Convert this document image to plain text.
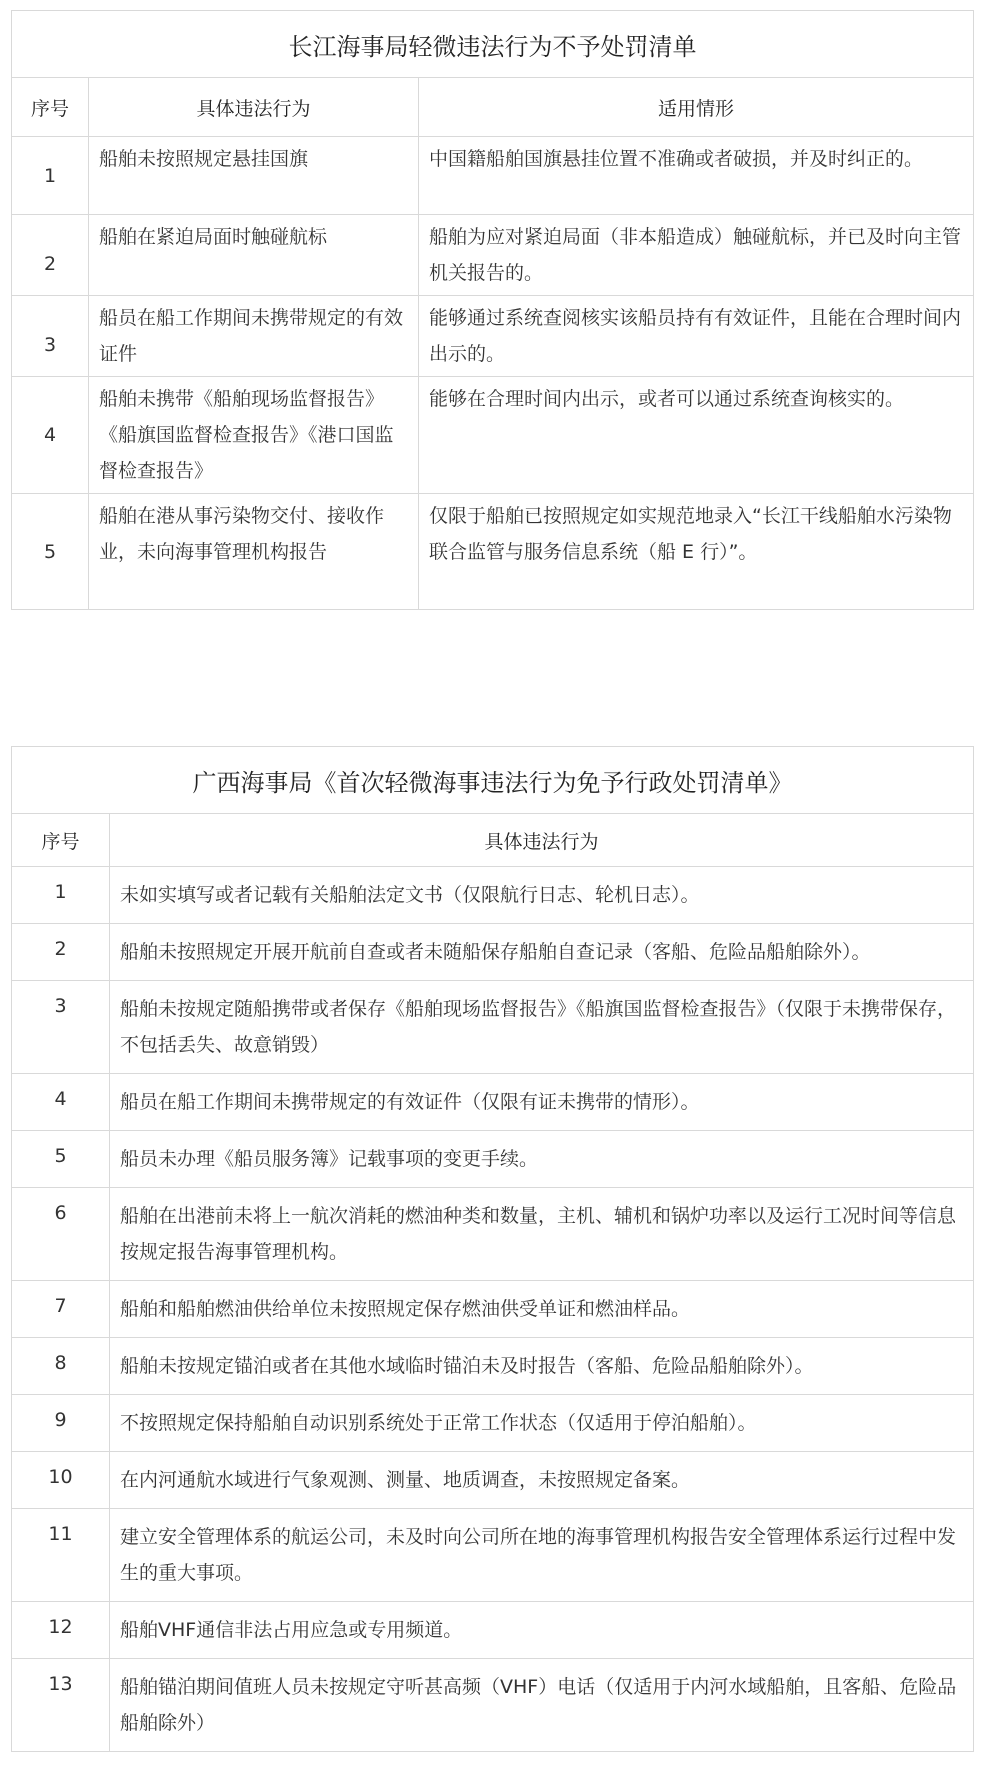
长江海事局轻微违法行为不予处罚清单		
序号	具体违法行为	适用情形
1	船舶未按照规定悬挂国旗	中国籍船舶国旗悬挂位置不准确或者破损，并及时纠正的。
2	船舶在紧迫局面时触碰航标	船舶为应对紧迫局面（非本船造成）触碰航标，并已及时向主管机关报告的。
3	船员在船工作期间未携带规定的有效证件	能够通过系统查阅核实该船员持有有效证件，且能在合理时间内出示的。
4	船舶未携带《船舶现场监督报告》《船旗国监督检查报告》《港口国监督检查报告》	能够在合理时间内出示，或者可以通过系统查询核实的。
5	船舶在港从事污染物交付、接收作业，未向海事管理机构报告	仅限于船舶已按照规定如实规范地录入“长江干线船舶水污染物联合监管与服务信息系统（船 E 行）”。
广西海事局《首次轻微海事违法行为免予行政处罚清单》	
序号	具体违法行为
1	未如实填写或者记载有关船舶法定文书（仅限航行日志、轮机日志）。
2	船舶未按照规定开展开航前自查或者未随船保存船舶自查记录（客船、危险品船舶除外）。
3	船舶未按规定随船携带或者保存《船舶现场监督报告》《船旗国监督检查报告》（仅限于未携带保存，不包括丢失、故意销毁）
4	船员在船工作期间未携带规定的有效证件（仅限有证未携带的情形）。
5	船员未办理《船员服务簿》记载事项的变更手续。
6	船舶在出港前未将上一航次消耗的燃油种类和数量，主机、辅机和锅炉功率以及运行工况时间等信息按规定报告海事管理机构。
7	船舶和船舶燃油供给单位未按照规定保存燃油供受单证和燃油样品。
8	船舶未按规定锚泊或者在其他水域临时锚泊未及时报告（客船、危险品船舶除外）。
9	不按照规定保持船舶自动识别系统处于正常工作状态（仅适用于停泊船舶）。
10	在内河通航水域进行气象观测、测量、地质调查，未按照规定备案。
11	建立安全管理体系的航运公司，未及时向公司所在地的海事管理机构报告安全管理体系运行过程中发生的重大事项。
12	船舶VHF通信非法占用应急或专用频道。
13	船舶锚泊期间值班人员未按规定守听甚高频（VHF）电话（仅适用于内河水域船舶，且客船、危险品船舶除外）
